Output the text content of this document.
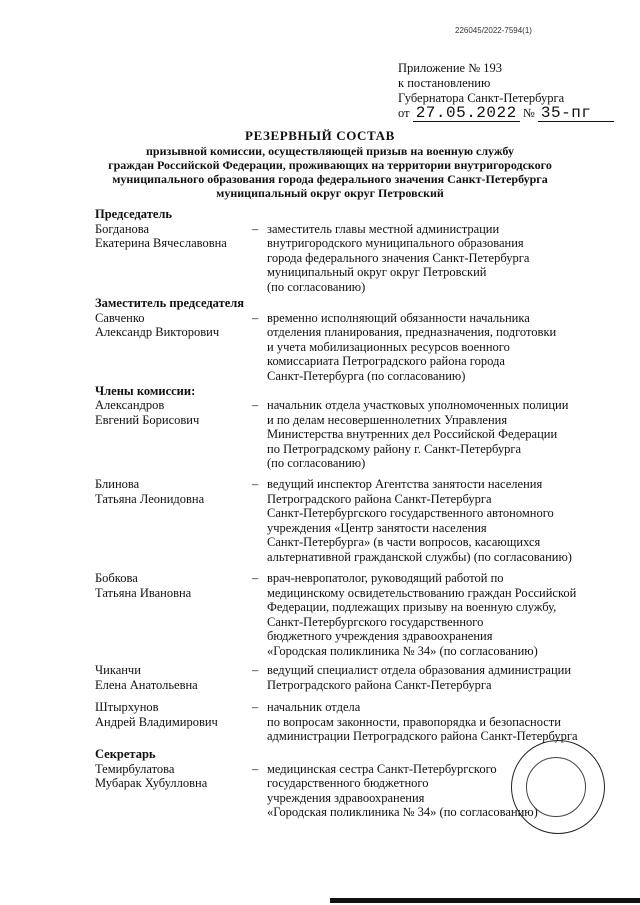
226045/2022-7594(1)
Приложение № 193
к постановлению
Губернатора Санкт-Петербурга
от 27.05.2022 № 35-пг
РЕЗЕРВНЫЙ СОСТАВ
призывной комиссии, осуществляющей призыв на военную службу
граждан Российской Федерации, проживающих на территории внутригородского
муниципального образования города федерального значения Санкт-Петербурга
муниципальный округ округ Петровский
Председатель
Богданова
Екатерина Вячеславовна
– заместитель главы местной администрации
внутригородского муниципального образования
города федерального значения Санкт-Петербурга
муниципальный округ округ Петровский
(по согласованию)
Заместитель председателя
Савченко
Александр Викторович
– временно исполняющий обязанности начальника
отделения планирования, предназначения, подготовки
и учета мобилизационных ресурсов военного
комиссариата Петроградского района города
Санкт-Петербурга (по согласованию)
Члены комиссии:
Александров
Евгений Борисович
– начальник отдела участковых уполномоченных полиции
и по делам несовершеннолетних Управления
Министерства внутренних дел Российской Федерации
по Петроградскому району г. Санкт-Петербурга
(по согласованию)
Блинова
Татьяна Леонидовна
– ведущий инспектор Агентства занятости населения
Петроградского района Санкт-Петербурга
Санкт-Петербургского государственного автономного
учреждения «Центр занятости населения
Санкт-Петербурга» (в части вопросов, касающихся
альтернативной гражданской службы) (по согласованию)
Бобкова
Татьяна Ивановна
– врач-невропатолог, руководящий работой по
медицинскому освидетельствованию граждан Российской
Федерации, подлежащих призыву на военную службу,
Санкт-Петербургского государственного
бюджетного учреждения здравоохранения
«Городская поликлиника № 34» (по согласованию)
Чиканчи
Елена Анатольевна
– ведущий специалист отдела образования администрации
Петроградского района Санкт-Петербурга
Штырхунов
Андрей Владимирович
– начальник отдела
по вопросам законности, правопорядка и безопасности
администрации Петроградского района Санкт-Петербурга
Секретарь
Темирбулатова
Мубарак Хубулловна
– медицинская сестра Санкт-Петербургского
государственного бюджетного
учреждения здравоохранения
«Городская поликлиника № 34» (по согласованию)
